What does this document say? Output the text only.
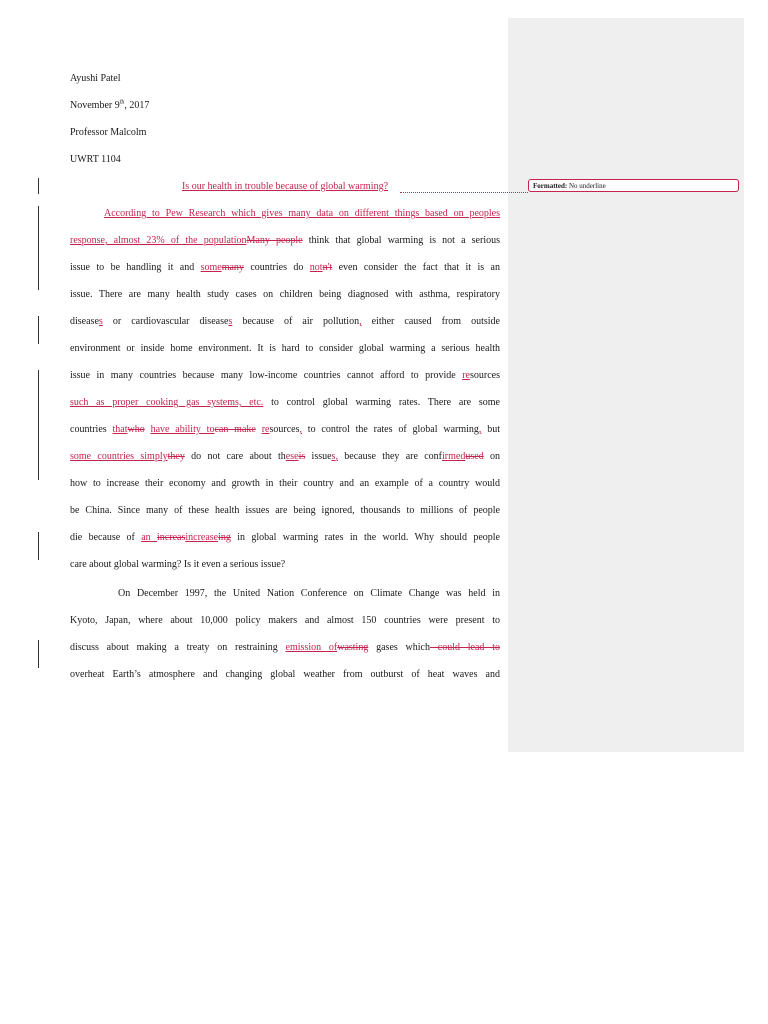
Formatted: No underline
Ayushi Patel
November 9th, 2017
Professor Malcolm
UWRT 1104
Is our health in trouble because of global warming?
According to Pew Research which gives many data on different things based on peoples
response, almost 23% of the populationMany people think that global warming is not a serious
issue to be handling it and somemany countries do notn't even consider the fact that it is an
issue. There are many health study cases on children being diagnosed with asthma, respiratory
diseases or cardiovascular diseases because of air pollution, either caused from outside
environment or inside home environment. It is hard to consider global warming a serious health
issue in many countries because many low-income countries cannot afford to provide resources
such as proper cooking gas systems, etc. to control global warming rates. There are some
countries thatwho have ability tocan make resources, to control the rates of global warming, but
some countries simplythey do not care about theseis issues, because they are confirmedused on
how to increase their economy and growth in their country and an example of a country would
be China. Since many of these health issues are being ignored, thousands to millions of people
die because of an increasincreaseing in global warming rates in the world. Why should people
care about global warming? Is it even a serious issue?
On December 1997, the United Nation Conference on Climate Change was held in
Kyoto, Japan, where about 10,000 policy makers and almost 150 countries were present to
discuss about making a treaty on restraining emission ofwasting gases which could lead to
overheat Earth’s atmosphere and changing global weather from outburst of heat waves and
